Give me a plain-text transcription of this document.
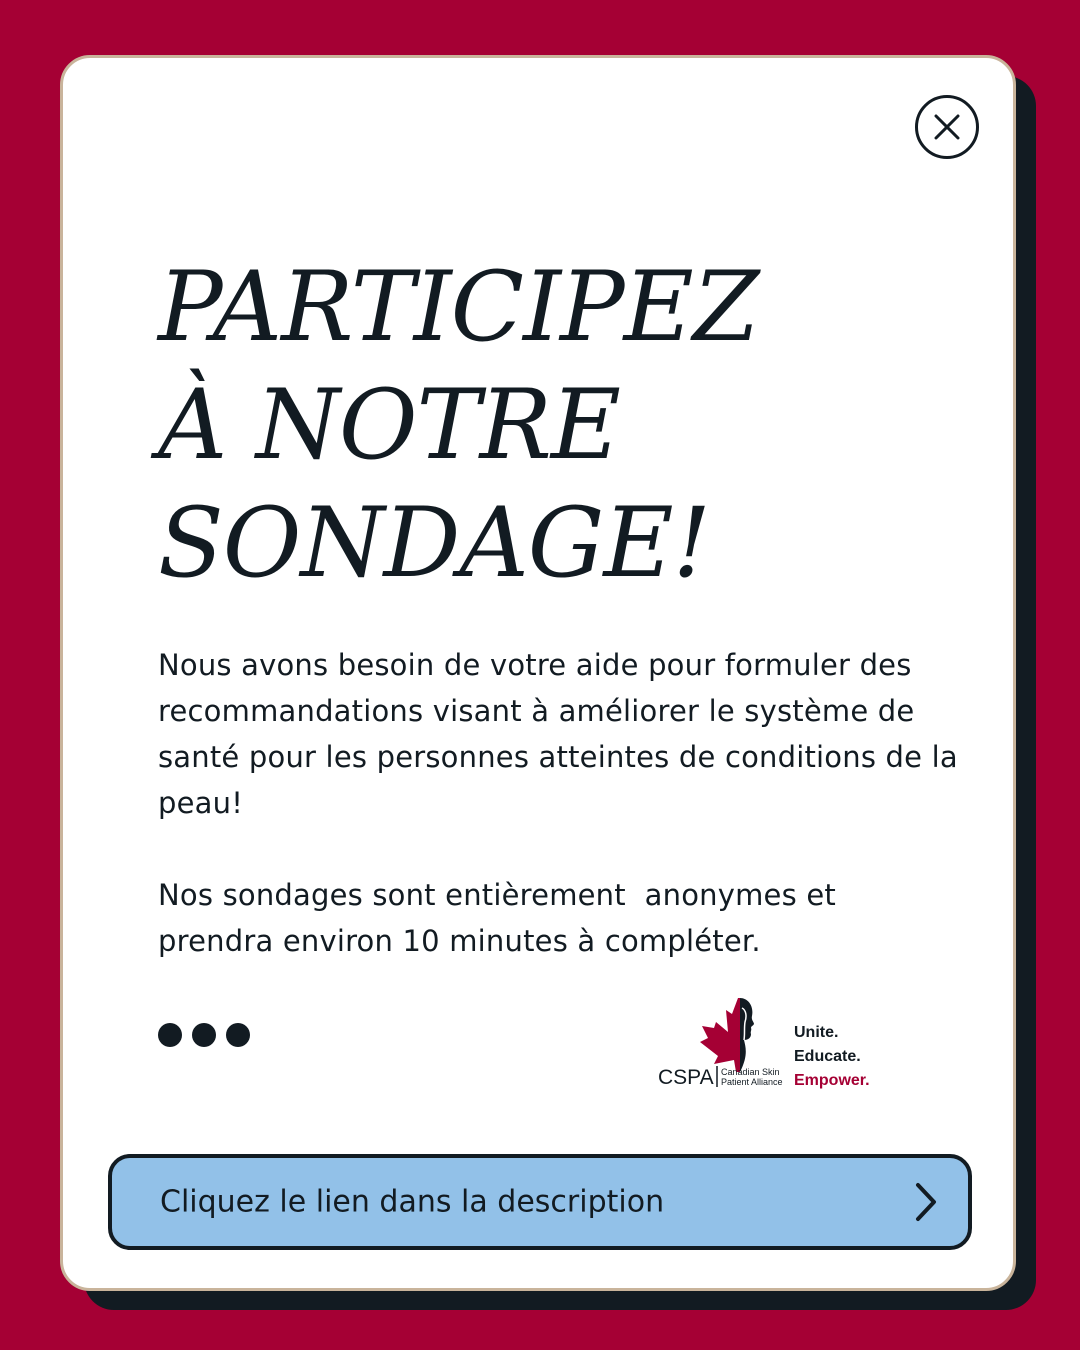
PARTICIPEZ
À NOTRE
SONDAGE!

Nous avons besoin de votre aide pour formuler des recommandations visant à améliorer le système de santé pour les personnes atteintes de conditions de la peau!

Nos sondages sont entièrement  anonymes et prendra environ 10 minutes à compléter.

CSPA Canadian Skin
Patient Alliance
Unite.
Educate.
Empower.
Cliquez le lien dans la description
